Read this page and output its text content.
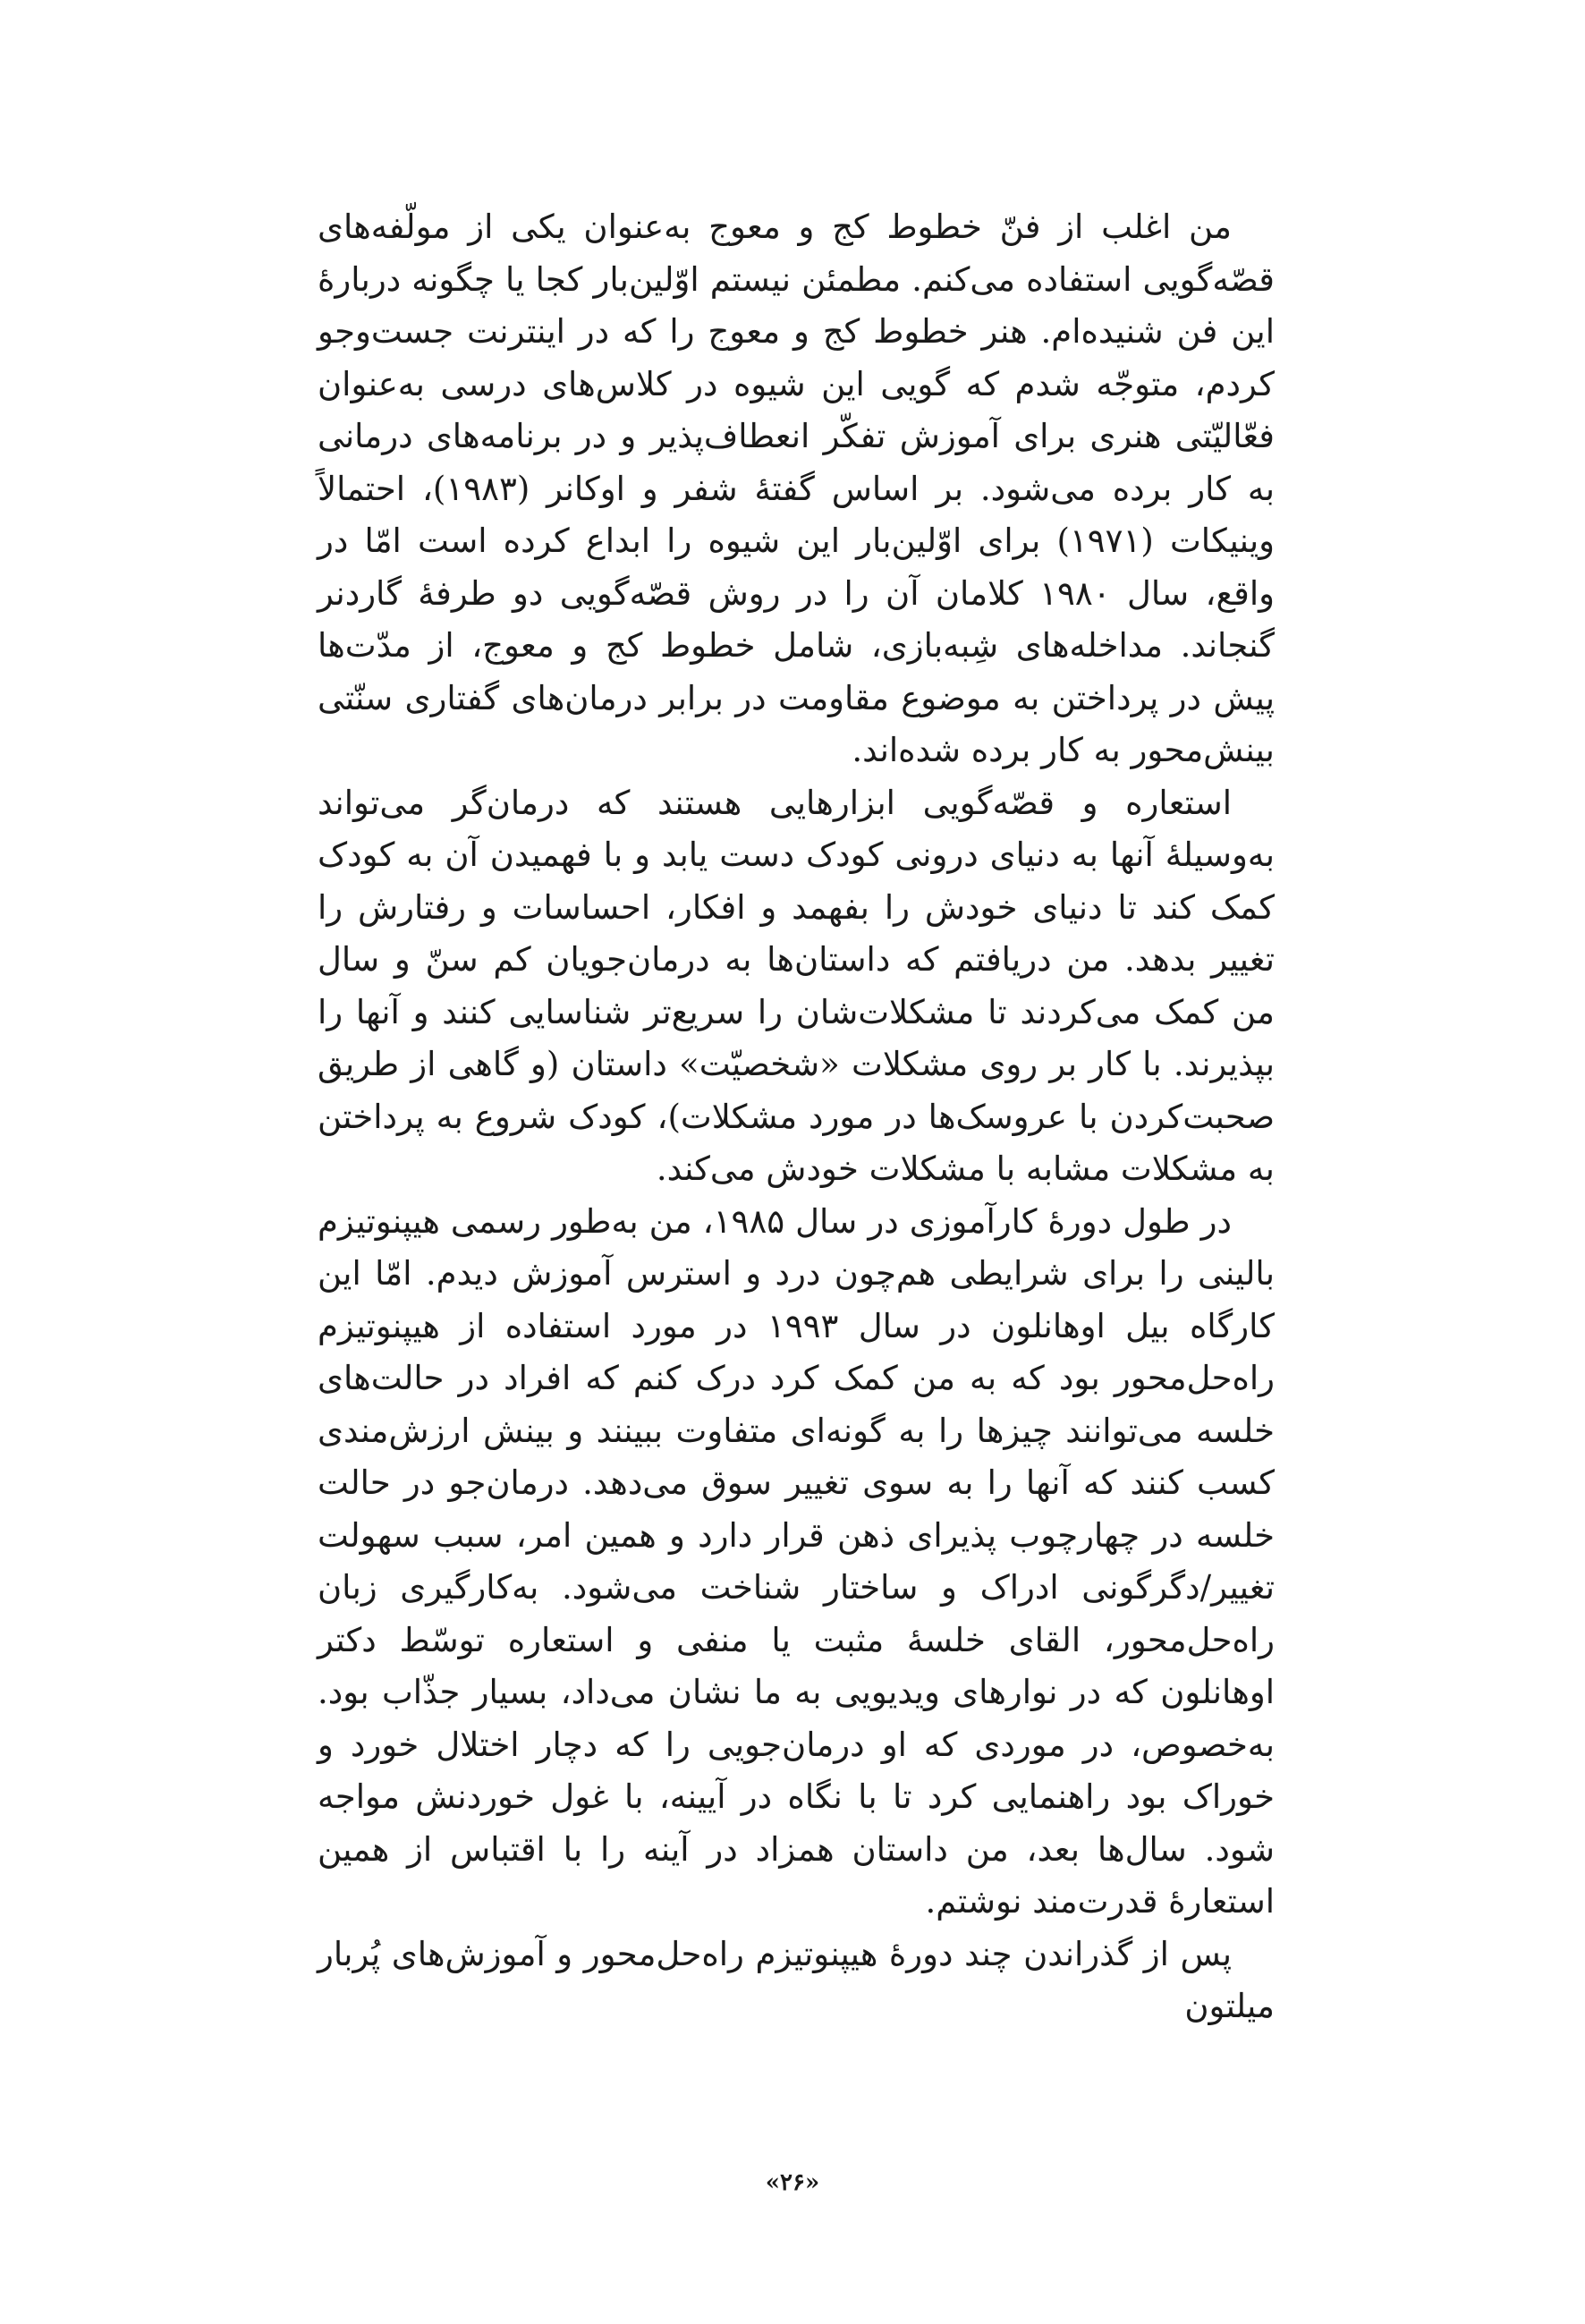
من اغلب از فنّ خطوط کج و معوج به‌عنوان یکی از مولّفه‌های قصّه‌گویی استفاده می‌کنم. مطمئن نیستم اوّلین‌بار کجا یا چگونه دربارهٔ این فن شنیده‌ام. هنر خطوط کج و معوج را که در اینترنت جست‌وجو کردم، متوجّه شدم که گویی این شیوه در کلاس‌های درسی به‌عنوان فعّالیّتی هنری برای آموزش تفکّر انعطاف‌پذیر و در برنامه‌های درمانی به کار برده می‌شود. بر اساس گفتهٔ شفر و اوکانر (۱۹۸۳)، احتمالاً وینیکات (۱۹۷۱) برای اوّلین‌بار این شیوه را ابداع کرده است امّا در واقع، سال ۱۹۸۰ کلامان آن را در روش قصّه‌گویی دو طرفهٔ گاردنر گنجاند. مداخله‌های شِبه‌بازی، شامل خطوط کج و معوج، از مدّت‌ها پیش در پرداختن به موضوع مقاومت در برابر درمان‌های گفتاری سنّتی بینش‌محور به کار برده شده‌اند.

استعاره و قصّه‌گویی ابزارهایی هستند که درمان‌گر می‌تواند به‌وسیلهٔ آنها به دنیای درونی کودک دست یابد و با فهمیدن آن به کودک کمک کند تا دنیای خودش را بفهمد و افکار، احساسات و رفتارش را تغییر بدهد. من دریافتم که داستان‌ها به درمان‌جویان کم سنّ و سال من کمک می‌کردند تا مشکلات‌شان را سریع‌تر شناسایی کنند و آنها را بپذیرند. با کار بر روی مشکلات «شخصیّت» داستان (و گاهی از طریق صحبت‌کردن با عروسک‌ها در مورد مشکلات)، کودک شروع به پرداختن به مشکلات مشابه با مشکلات خودش می‌کند.

در طول دورهٔ کارآموزی در سال ۱۹۸۵، من به‌طور رسمی هیپنوتیزم بالینی را برای شرایطی هم‌چون درد و استرس آموزش دیدم. امّا این کارگاه بیل اوهانلون در سال ۱۹۹۳ در مورد استفاده از هیپنوتیزم راه‌حل‌محور بود که به من کمک کرد درک کنم که افراد در حالت‌های خلسه می‌توانند چیزها را به گونه‌ای متفاوت ببینند و بینش ارزش‌مندی کسب کنند که آنها را به سوی تغییر سوق می‌دهد. درمان‌جو در حالت خلسه در چهارچوب پذیرای ذهن قرار دارد و همین امر، سبب سهولت تغییر/دگرگونی ادراک و ساختار شناخت می‌شود. به‌کارگیری زبان راه‌حل‌محور، القای خلسهٔ مثبت یا منفی و استعاره توسّط دکتر اوهانلون که در نوارهای ویدیویی به ما نشان می‌داد، بسیار جذّاب بود. به‌خصوص، در موردی که او درمان‌جویی را که دچار اختلال خورد و خوراک بود راهنمایی کرد تا با نگاه در آیینه، با غول خوردنش مواجه شود. سال‌ها بعد، من داستان همزاد در آینه را با اقتباس از همین استعارهٔ قدرت‌مند نوشتم.

پس از گذراندن چند دورهٔ هیپنوتیزم راه‌حل‌محور و آموزش‌های پُربار میلتون

«۲۶»
